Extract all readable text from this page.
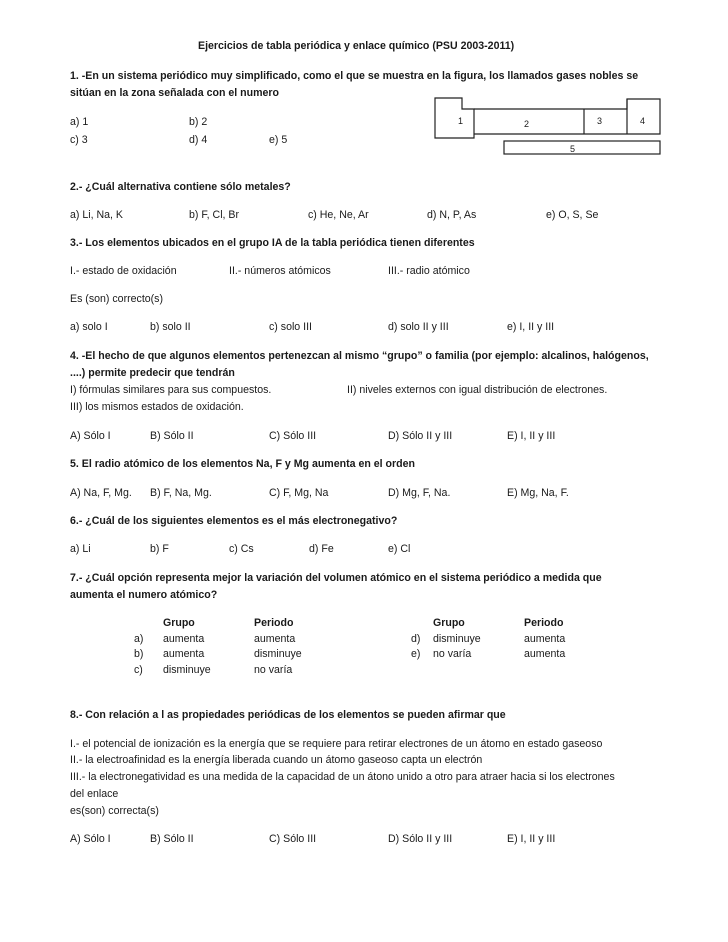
Ejercicios de tabla periódica y enlace químico (PSU 2003-2011)
1. -En un sistema periódico muy simplificado, como el que se muestra en la figura, los llamados gases nobles se
sitúan en la zona señalada con el numero
a) 1	b) 2
c) 3	d) 4	e) 5
1	2	3	4
5
2.- ¿Cuál alternativa contiene sólo metales?
a) Li, Na, K	b) F, Cl, Br	c) He, Ne, Ar	d) N, P, As	e) O, S, Se
3.- Los elementos ubicados en el grupo IA de la tabla periódica tienen diferentes
I.- estado de oxidación	II.- números atómicos	III.- radio atómico
Es (son) correcto(s)
a) solo I	b) solo II	c) solo III	d) solo II y III	e) I, II y III
4. -El hecho de que algunos elementos pertenezcan al mismo “grupo” o familia (por ejemplo: alcalinos, halógenos,
....) permite predecir que tendrán
I) fórmulas similares para sus compuestos.	II) niveles externos con igual distribución de electrones.
III) los mismos estados de oxidación.
A) Sólo I	B) Sólo II	C) Sólo III	D) Sólo II y III	E) I, II y III
5. El radio atómico de los elementos Na, F y Mg aumenta en el orden
A) Na, F, Mg. B) F, Na, Mg.	C) F, Mg, Na	D) Mg, F, Na.	E) Mg, Na, F.
6.- ¿Cuál de los siguientes elementos es el más electronegativo?
a) Li	b) F	c) Cs	d) Fe	e) Cl
7.- ¿Cuál opción representa mejor la variación del volumen atómico en el sistema periódico a medida que
aumenta el numero atómico?
Grupo	Periodo	Grupo	Periodo
a) aumenta	aumenta
b) aumenta	disminuye
c) disminuye	no varía
d) disminuye	aumenta
e) no varía	aumenta
8.- Con relación a l as propiedades periódicas de los elementos se pueden afirmar que
I.- el potencial de ionización es la energía que se requiere para retirar electrones de un átomo en estado gaseoso
II.- la electroafinidad es la energía liberada cuando un átomo gaseoso capta un electrón
III.- la electronegatividad es una medida de la capacidad de un átono unido a otro para atraer hacia si los electrones
del enlace
es(son) correcta(s)
A) Sólo I	B) Sólo II	C) Sólo III	D) Sólo II y III	E) I, II y III
